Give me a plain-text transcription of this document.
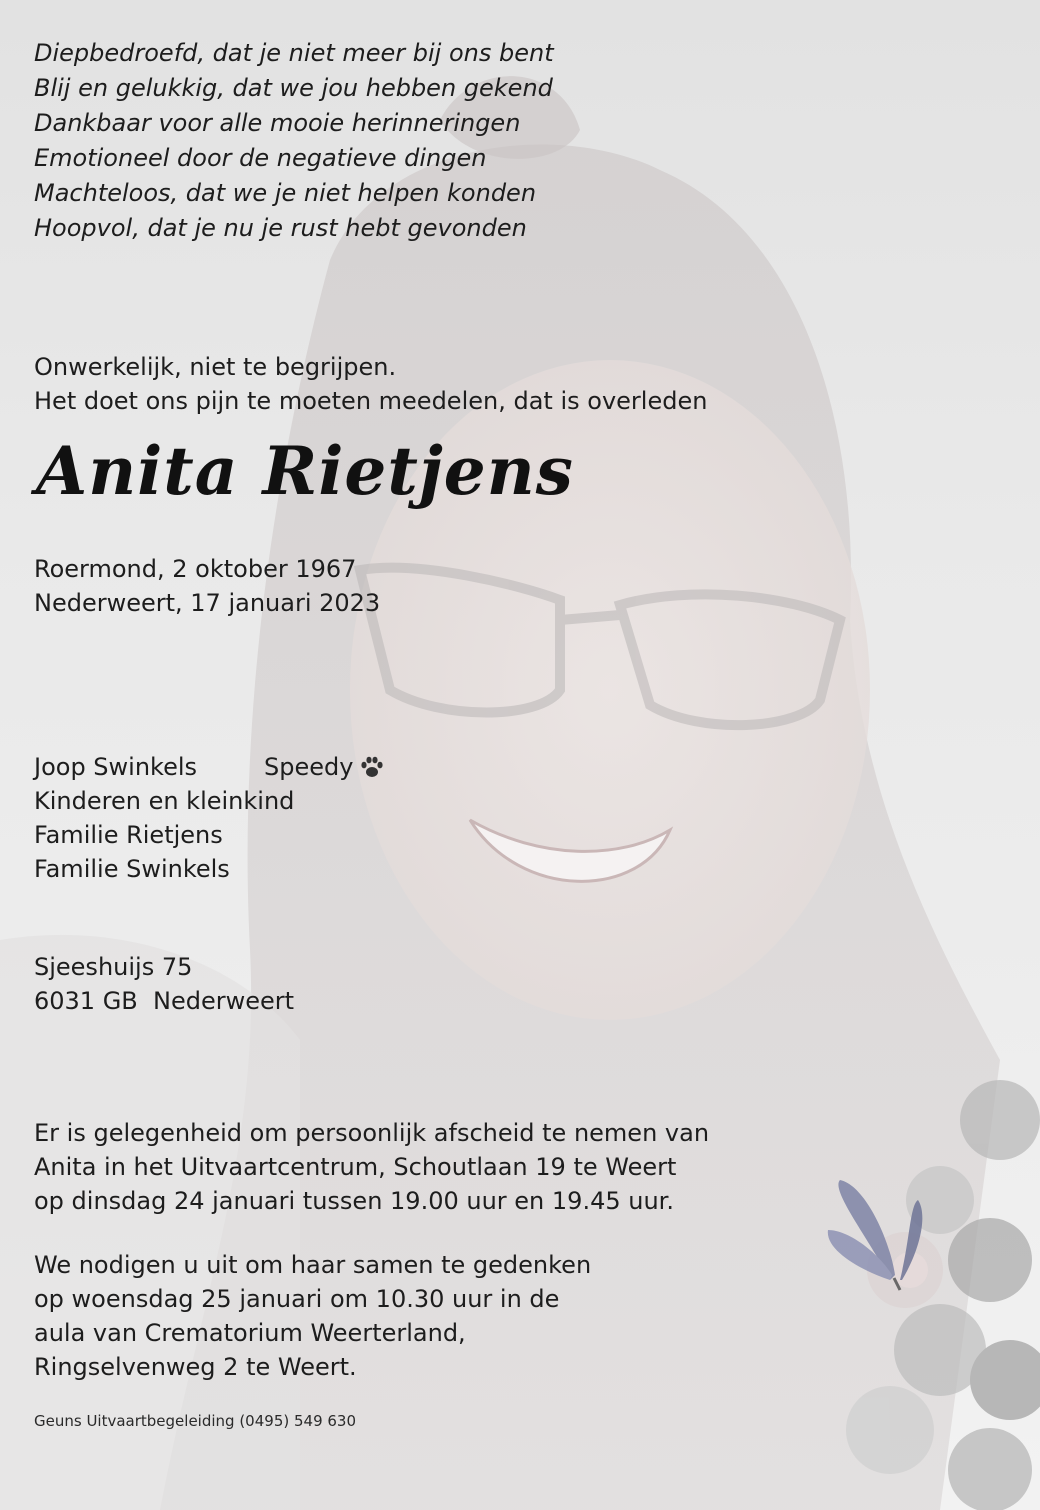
Diepbedroefd, dat je niet meer bij ons bent
Blij en gelukkig, dat we jou hebben gekend
Dankbaar voor alle mooie herinneringen
Emotioneel door de negatieve dingen
Machteloos, dat we je niet helpen konden
Hoopvol, dat je nu je rust hebt gevonden
Onwerkelijk, niet te begrijpen.
Het doet ons pijn te moeten meedelen, dat is overleden
Anita Rietjens
Roermond, 2 oktober 1967
Nederweert, 17 januari 2023
Joop Swinkels	Speedy
Kinderen en kleinkind
Familie Rietjens
Familie Swinkels
Sjeeshuijs 75
6031 GB  Nederweert
Er is gelegenheid om persoonlijk afscheid te nemen van
Anita in het Uitvaartcentrum, Schoutlaan 19 te Weert
op dinsdag 24 januari tussen 19.00 uur en 19.45 uur.
We nodigen u uit om haar samen te gedenken
op woensdag 25 januari om 10.30 uur in de
aula van Crematorium Weerterland,
Ringselvenweg 2 te Weert.

Geuns Uitvaartbegeleiding (0495) 549 630
